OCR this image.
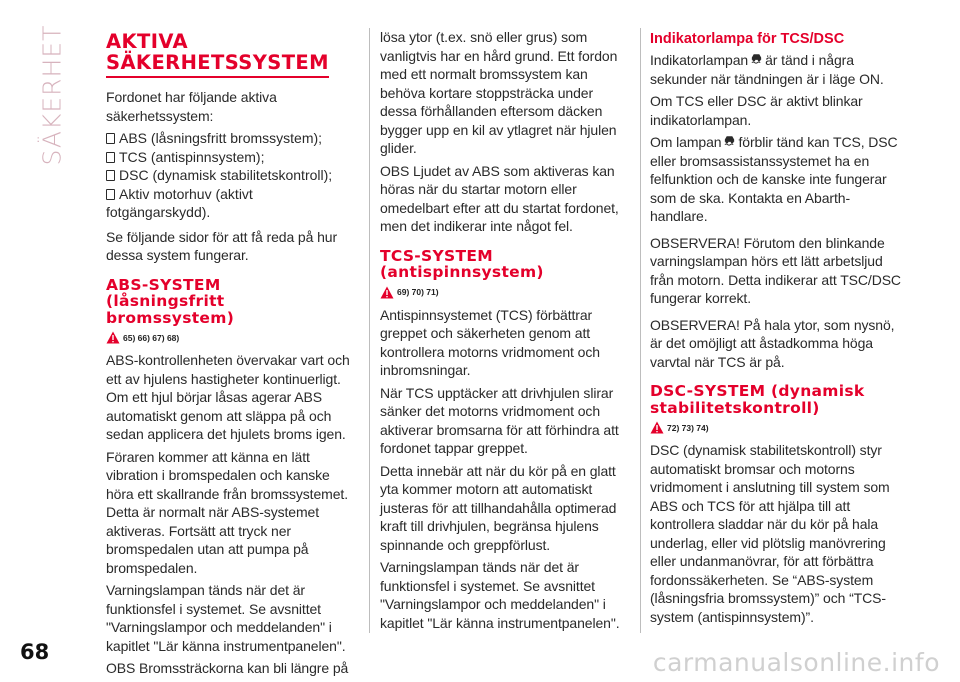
SÄKERHET AKTIVA
SÄKERHETSSYSTEM

Fordonet har följande aktiva säkerhetssystem:

ABS (låsningsfritt bromssystem);
TCS (antispinnsystem);
DSC (dynamisk stabilitetskontroll);
Aktiv motorhuv (aktivt fotgängarskydd).

Se följande sidor för att få reda på hur dessa system fungerar.

ABS-SYSTEM
(låsningsfritt
bromssystem)
65) 66) 67) 68)

ABS-kontrollenheten övervakar vart och ett av hjulens hastigheter kontinuerligt. Om ett hjul börjar låsas agerar ABS automatiskt genom att släppa på och sedan applicera det hjulets broms igen.

Föraren kommer att känna en lätt vibration i bromspedalen och kanske höra ett skallrande från bromssystemet. Detta är normalt när ABS-systemet aktiveras. Fortsätt att tryck ner bromspedalen utan att pumpa på bromspedalen.

Varningslampan tänds när det är funktionsfel i systemet. Se avsnittet "Varningslampor och meddelanden" i kapitlet "Lär känna instrumentpanelen".

OBS Bromssträckorna kan bli längre på

lösa ytor (t.ex. snö eller grus) som vanligtvis har en hård grund. Ett fordon med ett normalt bromssystem kan behöva kortare stoppsträcka under dessa förhållanden eftersom däcken bygger upp en kil av ytlagret när hjulen glider.

OBS Ljudet av ABS som aktiveras kan höras när du startar motorn eller omedelbart efter att du startat fordonet, men det indikerar inte något fel.

TCS-SYSTEM
(antispinnsystem)
69) 70) 71)

Antispinnsystemet (TCS) förbättrar greppet och säkerheten genom att kontrollera motorns vridmoment och inbromsningar.

När TCS upptäcker att drivhjulen slirar sänker det motorns vridmoment och aktiverar bromsarna för att förhindra att fordonet tappar greppet.

Detta innebär att när du kör på en glatt yta kommer motorn att automatiskt justeras för att tillhandahålla optimerad kraft till drivhjulen, begränsa hjulens spinnande och greppförlust.

Varningslampan tänds när det är funktionsfel i systemet. Se avsnittet "Varningslampor och meddelanden" i kapitlet "Lär känna instrumentpanelen".

Indikatorlampa för TCS/DSC

Indikatorlampan är tänd i några sekunder när tändningen är i läge ON.

Om TCS eller DSC är aktivt blinkar indikatorlampan.

Om lampan förblir tänd kan TCS, DSC eller bromsassistanssystemet ha en felfunktion och de kanske inte fungerar som de ska. Kontakta en Abarth-handlare.

OBSERVERA! Förutom den blinkande varningslampan hörs ett lätt arbetsljud från motorn. Detta indikerar att TSC/DSC fungerar korrekt.

OBSERVERA! På hala ytor, som nysnö, är det omöjligt att åstadkomma höga varvtal när TCS är på.

DSC-SYSTEM (dynamisk
stabilitetskontroll)
72) 73) 74)

DSC (dynamisk stabilitetskontroll) styr automatiskt bromsar och motorns vridmoment i anslutning till system som ABS och TCS för att hjälpa till att kontrollera sladdar när du kör på hala underlag, eller vid plötslig manövrering eller undanmanövrar, för att förbättra fordonssäkerheten. Se “ABS-system (låsningsfria bromssystem)” och “TCS-system (antispinnsystem)”.

68	carmanualsonline.info
